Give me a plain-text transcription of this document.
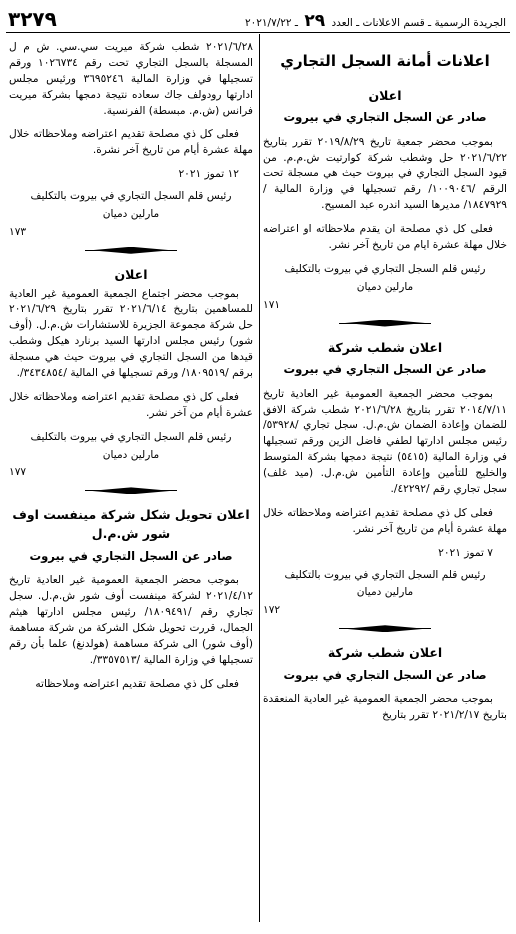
الجريدة الرسمية ـ قسم الاعلانات ـ العدد ٢٩ ـ ٢٠٢١/٧/٢٢
٣٢٧٩
اعلانات أمانة السجل التجاري
اعلان
صادر عن السجل التجاري في بيروت

بموجب محضر جمعية تاريخ ٢٠١٩/٨/٢٩ تقرر بتاريخ ٢٠٢١/٦/٢٢ حل وشطب شركة كوارتيت ش.م.م. من قيود السجل التجاري في بيروت حيث هي مسجلة تحت الرقم /١٠٠٩٠٤٦/ رقم تسجيلها في وزارة المالية /١٨٤٧٩٢٩/ مديرها السيد اندره عبد المسيح.

فعلى كل ذي مصلحة ان يقدم ملاحظاته او اعتراضه خلال مهلة عشرة ايام من تاريخ آخر نشر.

رئيس قلم السجل التجاري في بيروت بالتكليف
مارلين دميان
١٧١
اعلان شطب شركة
صادر عن السجل التجاري في بيروت

بموجب محضر الجمعية العمومية غير العادية تاريخ ٢٠١٤/٧/١١ تقرر بتاريخ ٢٠٢١/٦/٢٨ شطب شركة الافق للضمان وإعادة الضمان ش.م.ل. سجل تجاري /٥٣٩٢٨/ رئيس مجلس ادارتها لطفي فاضل الزين ورقم تسجيلها في وزارة المالية (٥٤١٥) نتيجة دمجها بشركة المتوسط والخليج للتأمين وإعادة التأمين ش.م.ل. (ميد غلف) سجل تجاري رقم /٤٢٢٩٢/.

فعلى كل ذي مصلحة تقديم اعتراضه وملاحظاته خلال مهلة عشرة أيام من تاريخ آخر نشر.

٧ تموز ٢٠٢١
رئيس قلم السجل التجاري في بيروت بالتكليف
مارلين دميان
١٧٢
اعلان شطب شركة
صادر عن السجل التجاري في بيروت

بموجب محضر الجمعية العمومية غير العادية المنعقدة بتاريخ ٢٠٢١/٢/١٧ تقرر بتاريخ

٢٠٢١/٦/٢٨ شطب شركة ميريت سي.سي. ش م ل المسجلة بالسجل التجاري تحت رقم ١٠٢٦٧٣٤ ورقم تسجيلها في وزارة المالية ٣٦٩٥٢٤٦ ورئيس مجلس ادارتها رودولف جاك سعاده نتيجة دمجها بشركة ميريت فرانس (ش.م. مبسطة) الفرنسية.

فعلى كل ذي مصلحة تقديم اعتراضه وملاحظاته خلال مهلة عشرة أيام من تاريخ آخر نشرة.

١٢ تموز ٢٠٢١
رئيس قلم السجل التجاري في بيروت بالتكليف
مارلين دميان
١٧٣
اعلان

بموجب محضر اجتماع الجمعية العمومية غير العادية للمساهمين بتاريخ ٢٠٢١/٦/١٤ تقرر بتاريخ ٢٠٢١/٦/٢٩ حل شركة مجموعة الجزيرة للاستشارات ش.م.ل. (أوف شور) رئيس مجلس ادارتها السيد برنارد هيكل وشطب قيدها من السجل التجاري في بيروت حيث هي مسجلة برقم /١٨٠٩٥١٩/ ورقم تسجيلها في المالية /٣٤٣٤٨٥٤/.

فعلى كل ذي مصلحة تقديم اعتراضه وملاحظاته خلال عشرة أيام من آخر نشر.

رئيس قلم السجل التجاري في بيروت بالتكليف
مارلين دميان
١٧٧
اعلان تحويل شكل شركة مينفست اوف شور ش.م.ل
صادر عن السجل التجاري في بيروت

بموجب محضر الجمعية العمومية غير العادية تاريخ ٢٠٢١/٤/١٢ لشركة مينفست أوف شور ش.م.ل. سجل تجاري رقم /١٨٠٩٤٩١/ رئيس مجلس ادارتها هيثم الجمال، قررت تحويل شكل الشركة من شركة مساهمة (أوف شور) الى شركة مساهمة (هولدنغ) علما بأن رقم تسجيلها في وزارة المالية /٣٣٥٧٥١٣/.

فعلى كل ذي مصلحة تقديم اعتراضه وملاحظاته
